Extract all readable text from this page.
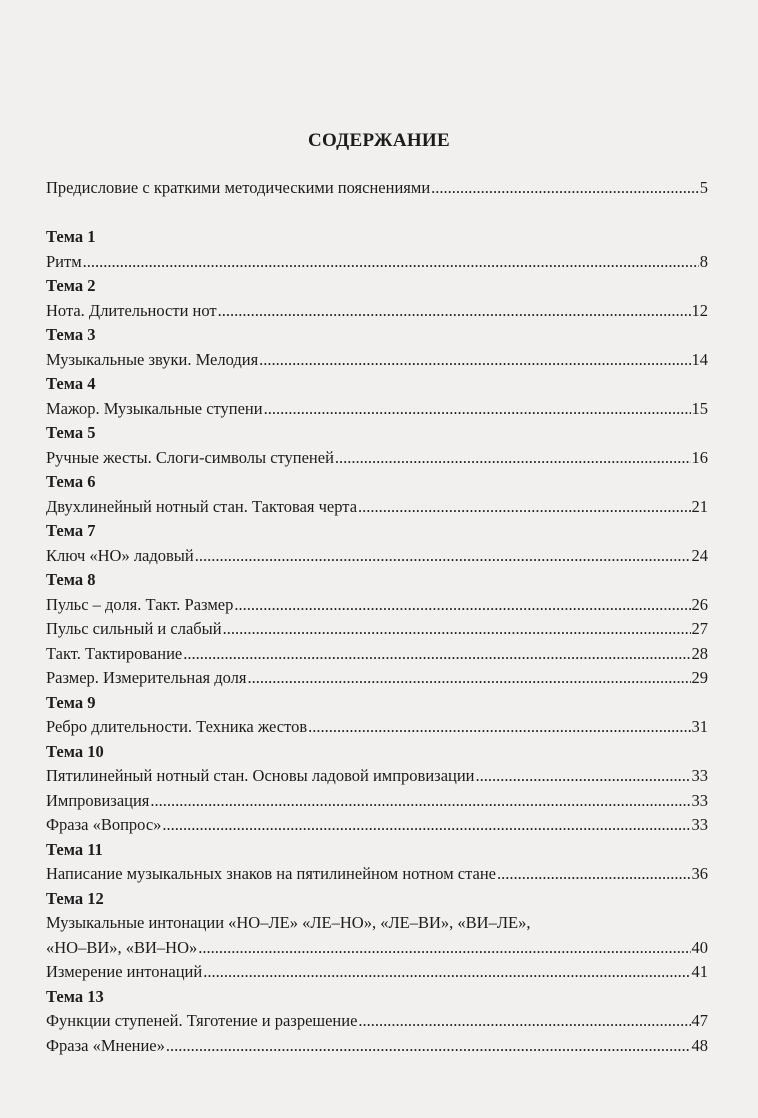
СОДЕРЖАНИЕ
Предисловие с краткими методическими пояснениями .....	5
Тема 1
Ритм .....	8
Тема 2
Нота. Длительности нот .....	12
Тема 3
Музыкальные звуки. Мелодия .....	14
Тема 4
Мажор. Музыкальные ступени .....	15
Тема 5
Ручные жесты. Слоги-символы ступеней .....	16
Тема 6
Двухлинейный нотный стан. Тактовая черта .....	21
Тема 7
Ключ «НО» ладовый .....	24
Тема 8
Пульс – доля. Такт. Размер .....	26
Пульс сильный и слабый .....	27
Такт. Тактирование .....	28
Размер. Измерительная доля .....	29
Тема 9
Ребро длительности. Техника жестов .....	31
Тема 10
Пятилинейный нотный стан. Основы ладовой импровизации .....	33
Импровизация .....	33
Фраза «Вопрос» .....	33
Тема 11
Написание музыкальных знаков на пятилинейном нотном стане .....	36
Тема 12
Музыкальные интонации «НО–ЛЕ» «ЛЕ–НО», «ЛЕ–ВИ», «ВИ–ЛЕ»,
«НО–ВИ», «ВИ–НО» .....	40
Измерение интонаций .....	41
Тема 13
Функции ступеней. Тяготение и разрешение .....	47
Фраза «Мнение» .....	48
